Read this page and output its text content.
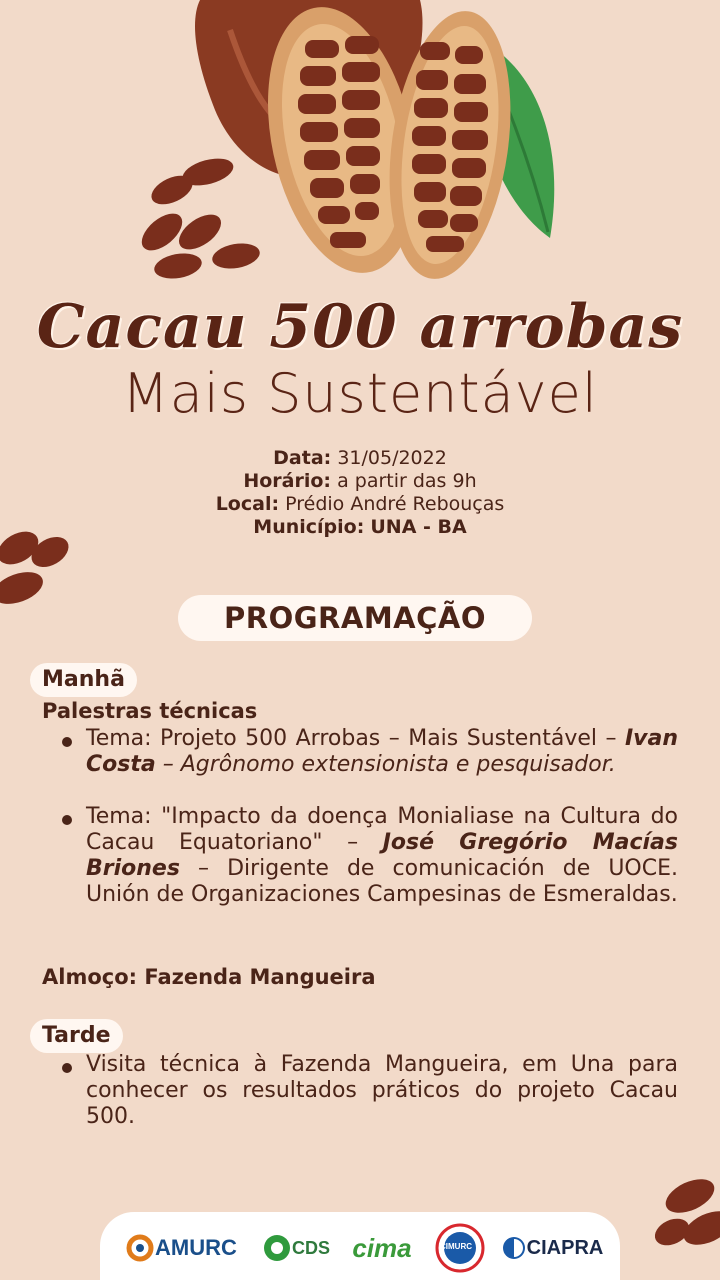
Cacau 500 arrobas
Mais Sustentável
Data: 31/05/2022
Horário: a partir das 9h
Local: Prédio André Rebouças
Município: UNA - BA
PROGRAMAÇÃO
Manhã
Palestras técnicas
Tema: Projeto 500 Arrobas – Mais Sustentável – Ivan Costa – Agrônomo extensionista e pesquisador.
Tema: "Impacto da doença Monialiase na Cultura do Cacau Equatoriano" – José Gregório Macías Briones – Dirigente de comunicación de UOCE. Unión de Organizaciones Campesinas de Esmeraldas.
Almoço: Fazenda Mangueira
Tarde
Visita técnica à Fazenda Mangueira, em Una para conhecer os resultados práticos do projeto Cacau 500.
AMURC	CDS cima	CIMURC	CIAPRA
